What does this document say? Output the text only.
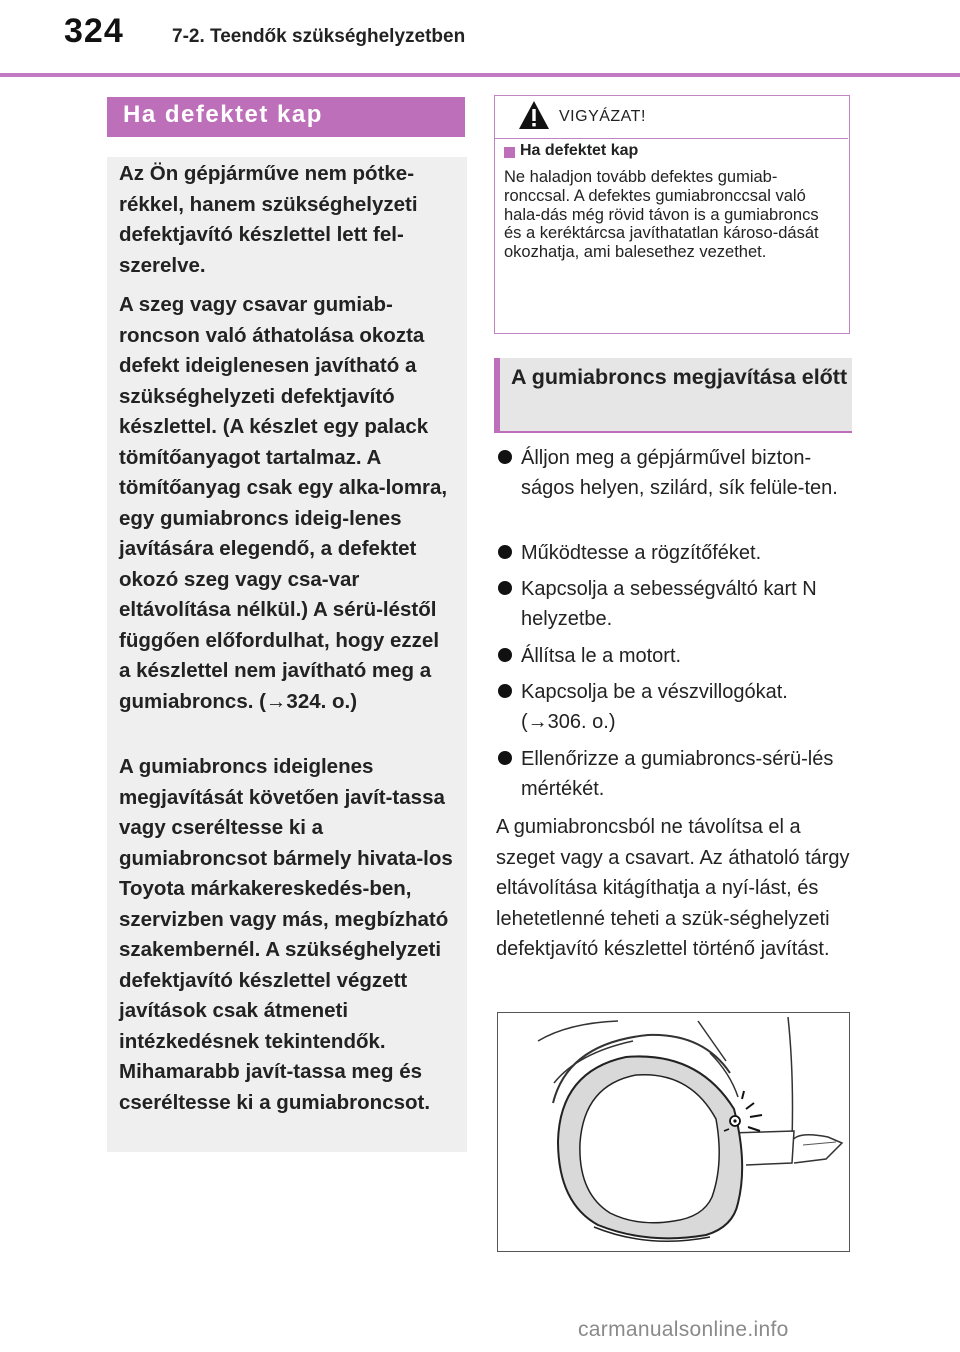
324	7-2. Teendők szükséghelyzetben
Ha defektet kap

Az Ön gépjárműve nem pótke-rékkel, hanem szükséghelyzeti defektjavító készlettel lett fel-szerelve.

A szeg vagy csavar gumiab-roncson való áthatolása okozta defekt ideiglenesen javítható a szükséghelyzeti defektjavító készlettel. (A készlet egy palack tömítőanyagot tartalmaz. A tömítőanyag csak egy alka-lomra, egy gumiabroncs ideig-lenes javítására elegendő, a defektet okozó szeg vagy csa-var eltávolítása nélkül.) A sérü-léstől függően előfordulhat, hogy ezzel a készlettel nem javítható meg a gumiabroncs. (→324. o.)

A gumiabroncs ideiglenes megjavítását követően javít-tassa vagy cseréltesse ki a gumiabroncsot bármely hivata-los Toyota márkakereskedés-ben, szervizben vagy más, megbízható szakembernél. A szükséghelyzeti defektjavító készlettel végzett javítások csak átmeneti intézkedésnek tekintendők. Mihamarabb javít-tassa meg és cseréltesse ki a gumiabroncsot.

VIGYÁZAT!
Ha defektet kap
Ne haladjon tovább defektes gumiab-ronccsal. A defektes gumiabronccsal való hala-dás még rövid távon is a gumiabroncs és a keréktárcsa javíthatatlan károso-dását okozhatja, ami balesethez vezethet.
A gumiabroncs megjavítása előtt
Álljon meg a gépjárművel bizton-ságos helyen, szilárd, sík felüle-ten.
Működtesse a rögzítőféket.
Kapcsolja a sebességváltó kart N helyzetbe.
Állítsa le a motort.
Kapcsolja be a vészvillogókat. (→306. o.)
Ellenőrizze a gumiabroncs-sérü-lés mértékét.
A gumiabroncsból ne távolítsa el a szeget vagy a csavart. Az áthatoló tárgy eltávolítása kitágíthatja a nyí-lást, és lehetetlenné teheti a szük-séghelyzeti defektjavító készlettel történő javítást.
carmanualsonline.info
